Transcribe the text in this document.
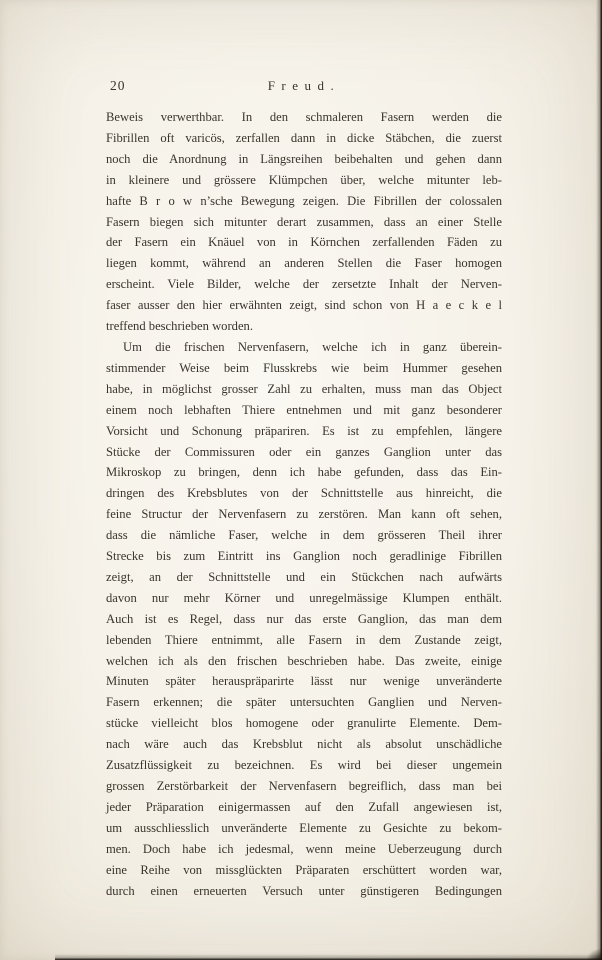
20	Freud.
Beweis verwerthbar. In den schmaleren Fasern werden die
Fibrillen oft varicös, zerfallen dann in dicke Stäbchen, die zuerst
noch die Anordnung in Längsreihen beibehalten und gehen dann
in kleinere und grössere Klümpchen über, welche mitunter leb-
hafte B r o w n’sche Bewegung zeigen. Die Fibrillen der colossalen
Fasern biegen sich mitunter derart zusammen, dass an einer Stelle
der Fasern ein Knäuel von in Körnchen zerfallenden Fäden zu
liegen kommt, während an anderen Stellen die Faser homogen
erscheint. Viele Bilder, welche der zersetzte Inhalt der Nerven-
faser ausser den hier erwähnten zeigt, sind schon von H a e c k e l
treffend beschrieben worden.
Um die frischen Nervenfasern, welche ich in ganz überein-
stimmender Weise beim Flusskrebs wie beim Hummer gesehen
habe, in möglichst grosser Zahl zu erhalten, muss man das Object
einem noch lebhaften Thiere entnehmen und mit ganz besonderer
Vorsicht und Schonung präpariren. Es ist zu empfehlen, längere
Stücke der Commissuren oder ein ganzes Ganglion unter das
Mikroskop zu bringen, denn ich habe gefunden, dass das Ein-
dringen des Krebsblutes von der Schnittstelle aus hinreicht, die
feine Structur der Nervenfasern zu zerstören. Man kann oft sehen,
dass die nämliche Faser, welche in dem grösseren Theil ihrer
Strecke bis zum Eintritt ins Ganglion noch geradlinige Fibrillen
zeigt, an der Schnittstelle und ein Stückchen nach aufwärts
davon nur mehr Körner und unregelmässige Klumpen enthält.
Auch ist es Regel, dass nur das erste Ganglion, das man dem
lebenden Thiere entnimmt, alle Fasern in dem Zustande zeigt,
welchen ich als den frischen beschrieben habe. Das zweite, einige
Minuten später herauspräparirte lässt nur wenige unveränderte
Fasern erkennen; die später untersuchten Ganglien und Nerven-
stücke vielleicht blos homogene oder granulirte Elemente. Dem-
nach wäre auch das Krebsblut nicht als absolut unschädliche
Zusatzflüssigkeit zu bezeichnen. Es wird bei dieser ungemein
grossen Zerstörbarkeit der Nervenfasern begreiflich, dass man bei
jeder Präparation einigermassen auf den Zufall angewiesen ist,
um ausschliesslich unveränderte Elemente zu Gesichte zu bekom-
men. Doch habe ich jedesmal, wenn meine Ueberzeugung durch
eine Reihe von missglückten Präparaten erschüttert worden war,
durch einen erneuerten Versuch unter günstigeren Bedingungen
